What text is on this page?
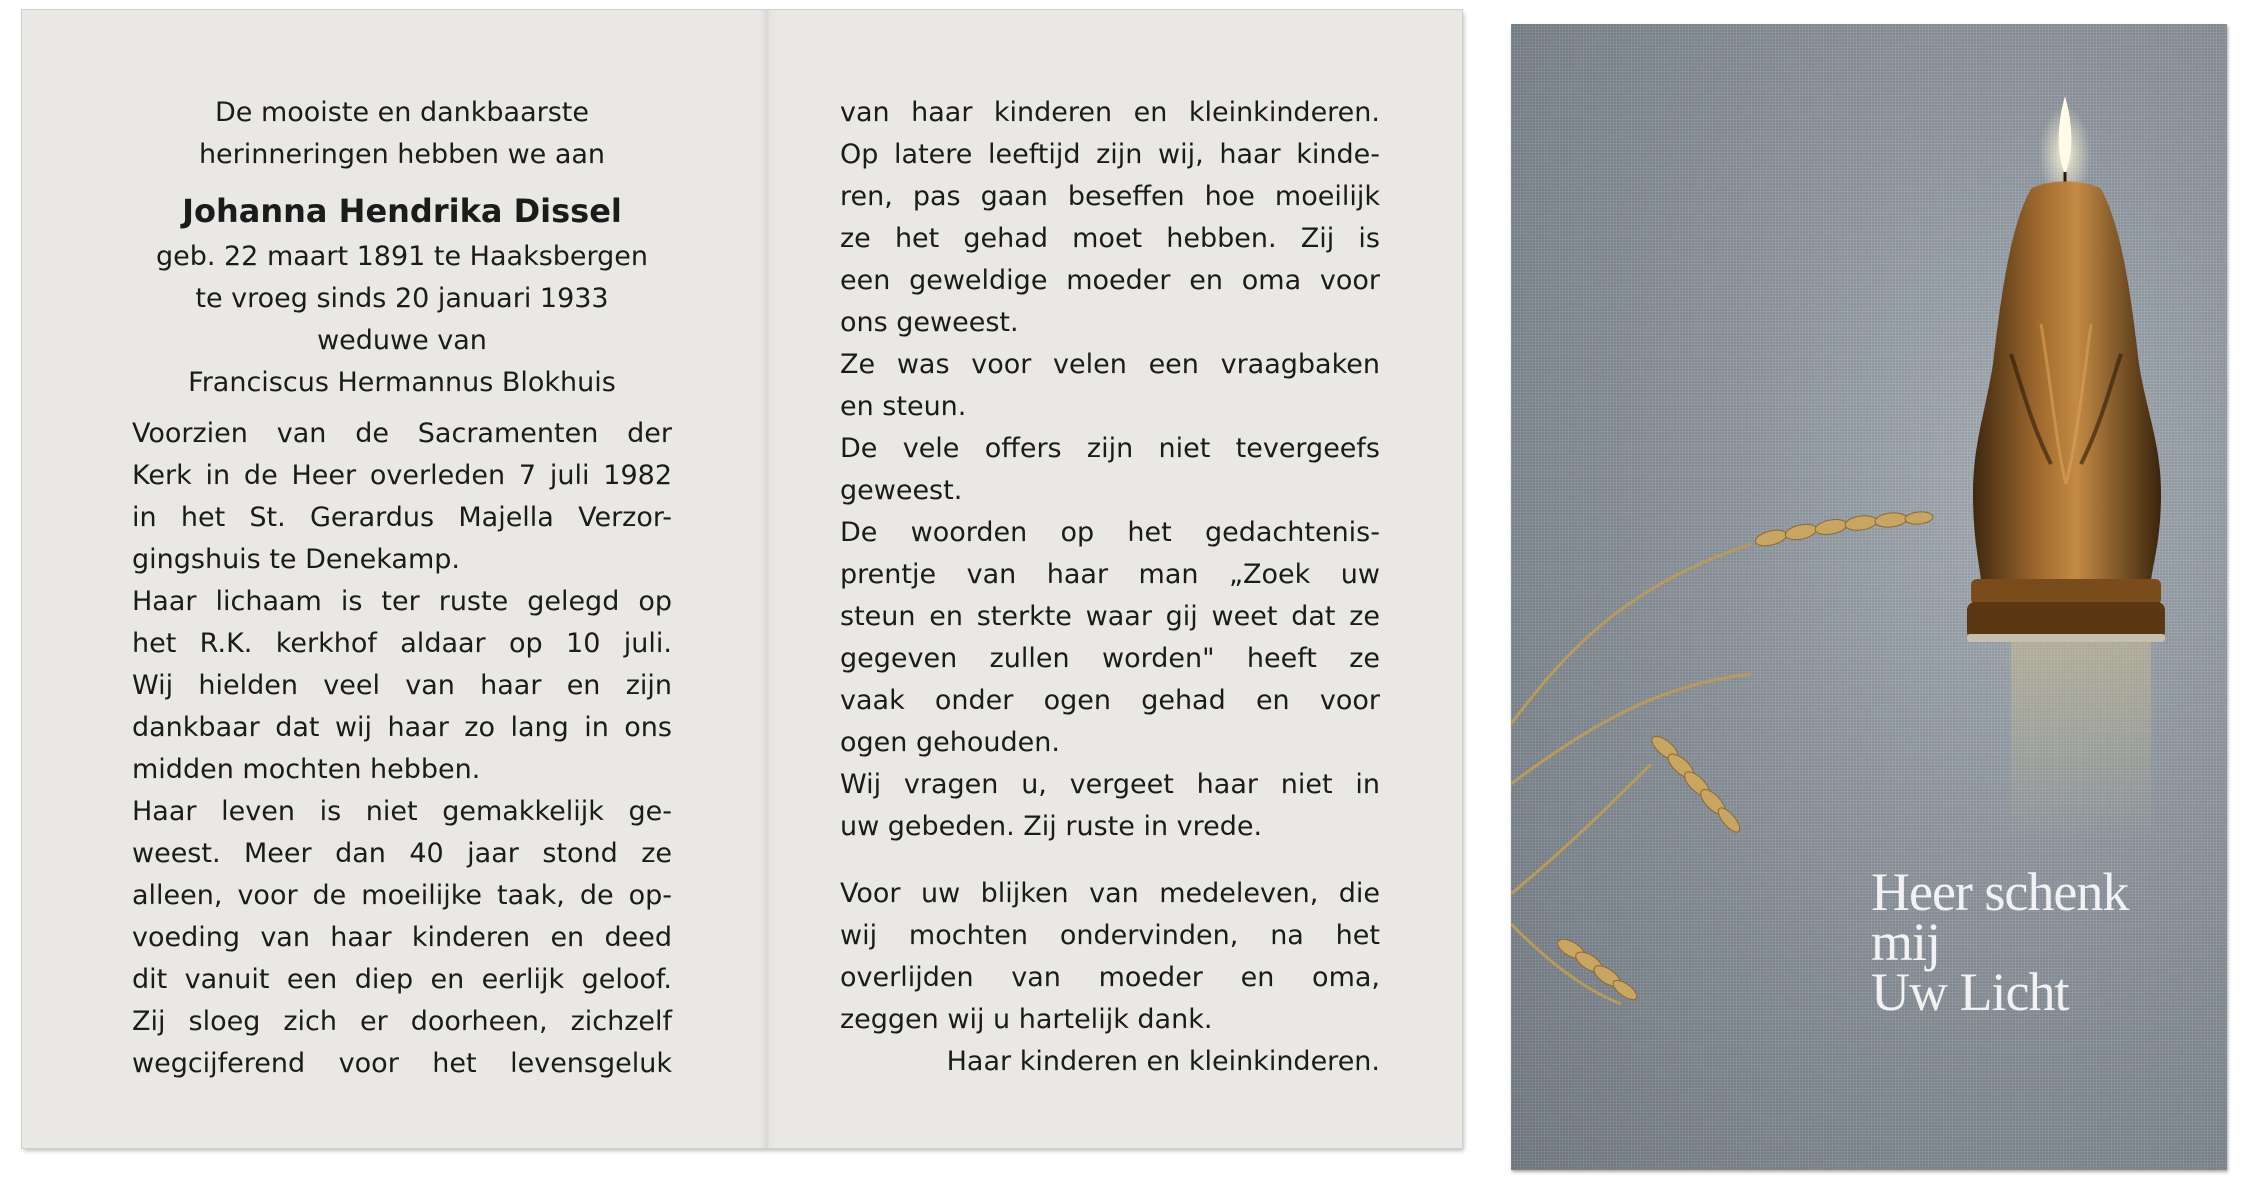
De mooiste en dankbaarste
herinneringen hebben we aan
Johanna Hendrika Dissel
geb. 22 maart 1891 te Haaksbergen
te vroeg sinds 20 januari 1933
weduwe van
Franciscus Hermannus Blokhuis
Voorzien van de Sacramenten der
Kerk in de Heer overleden 7 juli 1982
in het St. Gerardus Majella Verzor-
gingshuis te Denekamp.
Haar lichaam is ter ruste gelegd op
het R.K. kerkhof aldaar op 10 juli.
Wij hielden veel van haar en zijn
dankbaar dat wij haar zo lang in ons
midden mochten hebben.
Haar leven is niet gemakkelijk ge-
weest. Meer dan 40 jaar stond ze
alleen, voor de moeilijke taak, de op-
voeding van haar kinderen en deed
dit vanuit een diep en eerlijk geloof.
Zij sloeg zich er doorheen, zichzelf
wegcijferend voor het levensgeluk
van haar kinderen en kleinkinderen.
Op latere leeftijd zijn wij, haar kinde-
ren, pas gaan beseffen hoe moeilijk
ze het gehad moet hebben. Zij is
een geweldige moeder en oma voor
ons geweest.
Ze was voor velen een vraagbaken
en steun.
De vele offers zijn niet tevergeefs
geweest.
De woorden op het gedachtenis-
prentje van haar man „Zoek uw
steun en sterkte waar gij weet dat ze
gegeven zullen worden" heeft ze
vaak onder ogen gehad en voor
ogen gehouden.
Wij vragen u, vergeet haar niet in
uw gebeden. Zij ruste in vrede.
Voor uw blijken van medeleven, die
wij mochten ondervinden, na het
overlijden van moeder en oma,
zeggen wij u hartelijk dank.
Haar kinderen en kleinkinderen.
Heer schenk
mij
Uw Licht
